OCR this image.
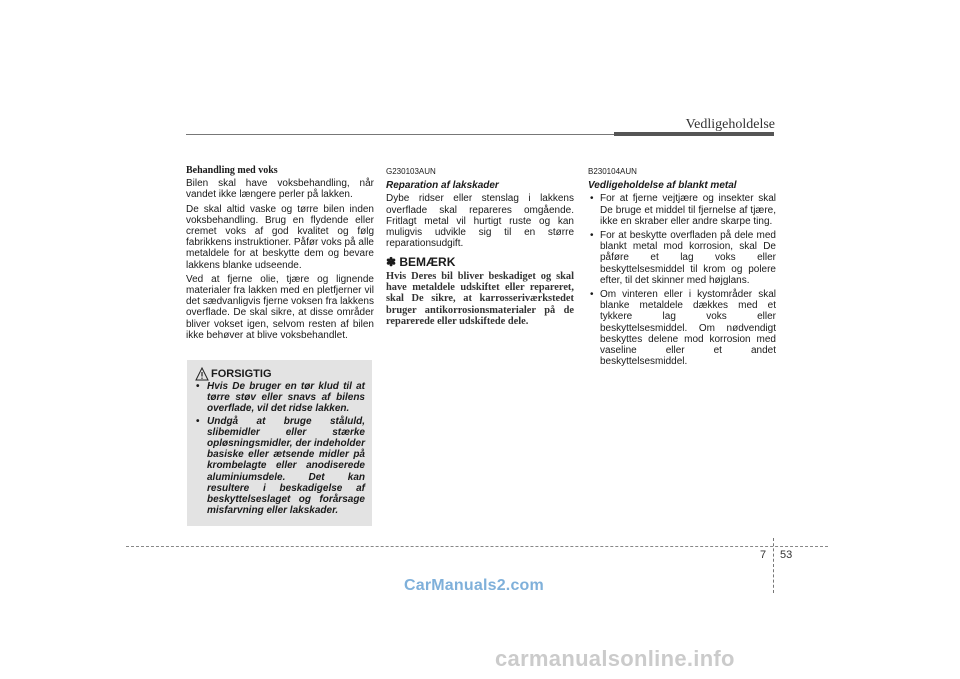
Vedligeholdelse
Behandling med voks

Bilen skal have voksbehandling, når vandet ikke længere perler på lakken.

De skal altid vaske og tørre bilen inden voksbehandling. Brug en flydende eller cremet voks af god kvalitet og følg fabrikkens instruktioner. Påfør voks på alle metaldele for at beskytte dem og bevare lakkens blanke udseende.

Ved at fjerne olie, tjære og lignende materialer fra lakken med en pletfjerner vil det sædvanligvis fjerne voksen fra lakkens overflade. De skal sikre, at disse områder bliver vokset igen, selvom resten af bilen ikke behøver at blive voksbehandlet.

FORSIGTIG
• Hvis De bruger en tør klud til at tørre støv eller snavs af bilens overflade, vil det ridse lakken.
• Undgå at bruge ståluld, slibemidler eller stærke opløsningsmidler, der indeholder basiske eller ætsende midler på krombelagte eller anodiserede aluminiumsdele. Det kan resultere i beskadigelse af beskyttelseslaget og forårsage misfarvning eller lakskader.
G230103AUN
Reparation af lakskader

Dybe ridser eller stenslag i lakkens overflade skal repareres omgående. Fritlagt metal vil hurtigt ruste og kan muligvis udvikle sig til en større reparationsudgift.

✽ BEMÆRK
Hvis Deres bil bliver beskadiget og skal have metaldele udskiftet eller repareret, skal De sikre, at karrosseriværkstedet bruger antikorrosionsmaterialer på de reparerede eller udskiftede dele.
B230104AUN
Vedligeholdelse af blankt metal
• For at fjerne vejtjære og insekter skal De bruge et middel til fjernelse af tjære, ikke en skraber eller andre skarpe ting.
• For at beskytte overfladen på dele med blankt metal mod korrosion, skal De påføre et lag voks eller beskyttelsesmiddel til krom og polere efter, til det skinner med højglans.
• Om vinteren eller i kystområder skal blanke metaldele dækkes med et tykkere lag voks eller beskyttelsesmiddel. Om nødvendigt beskyttes delene mod korrosion med vaseline eller et andet beskyttelsesmiddel.
7 53
CarManuals2.com
carmanualsonline.info
